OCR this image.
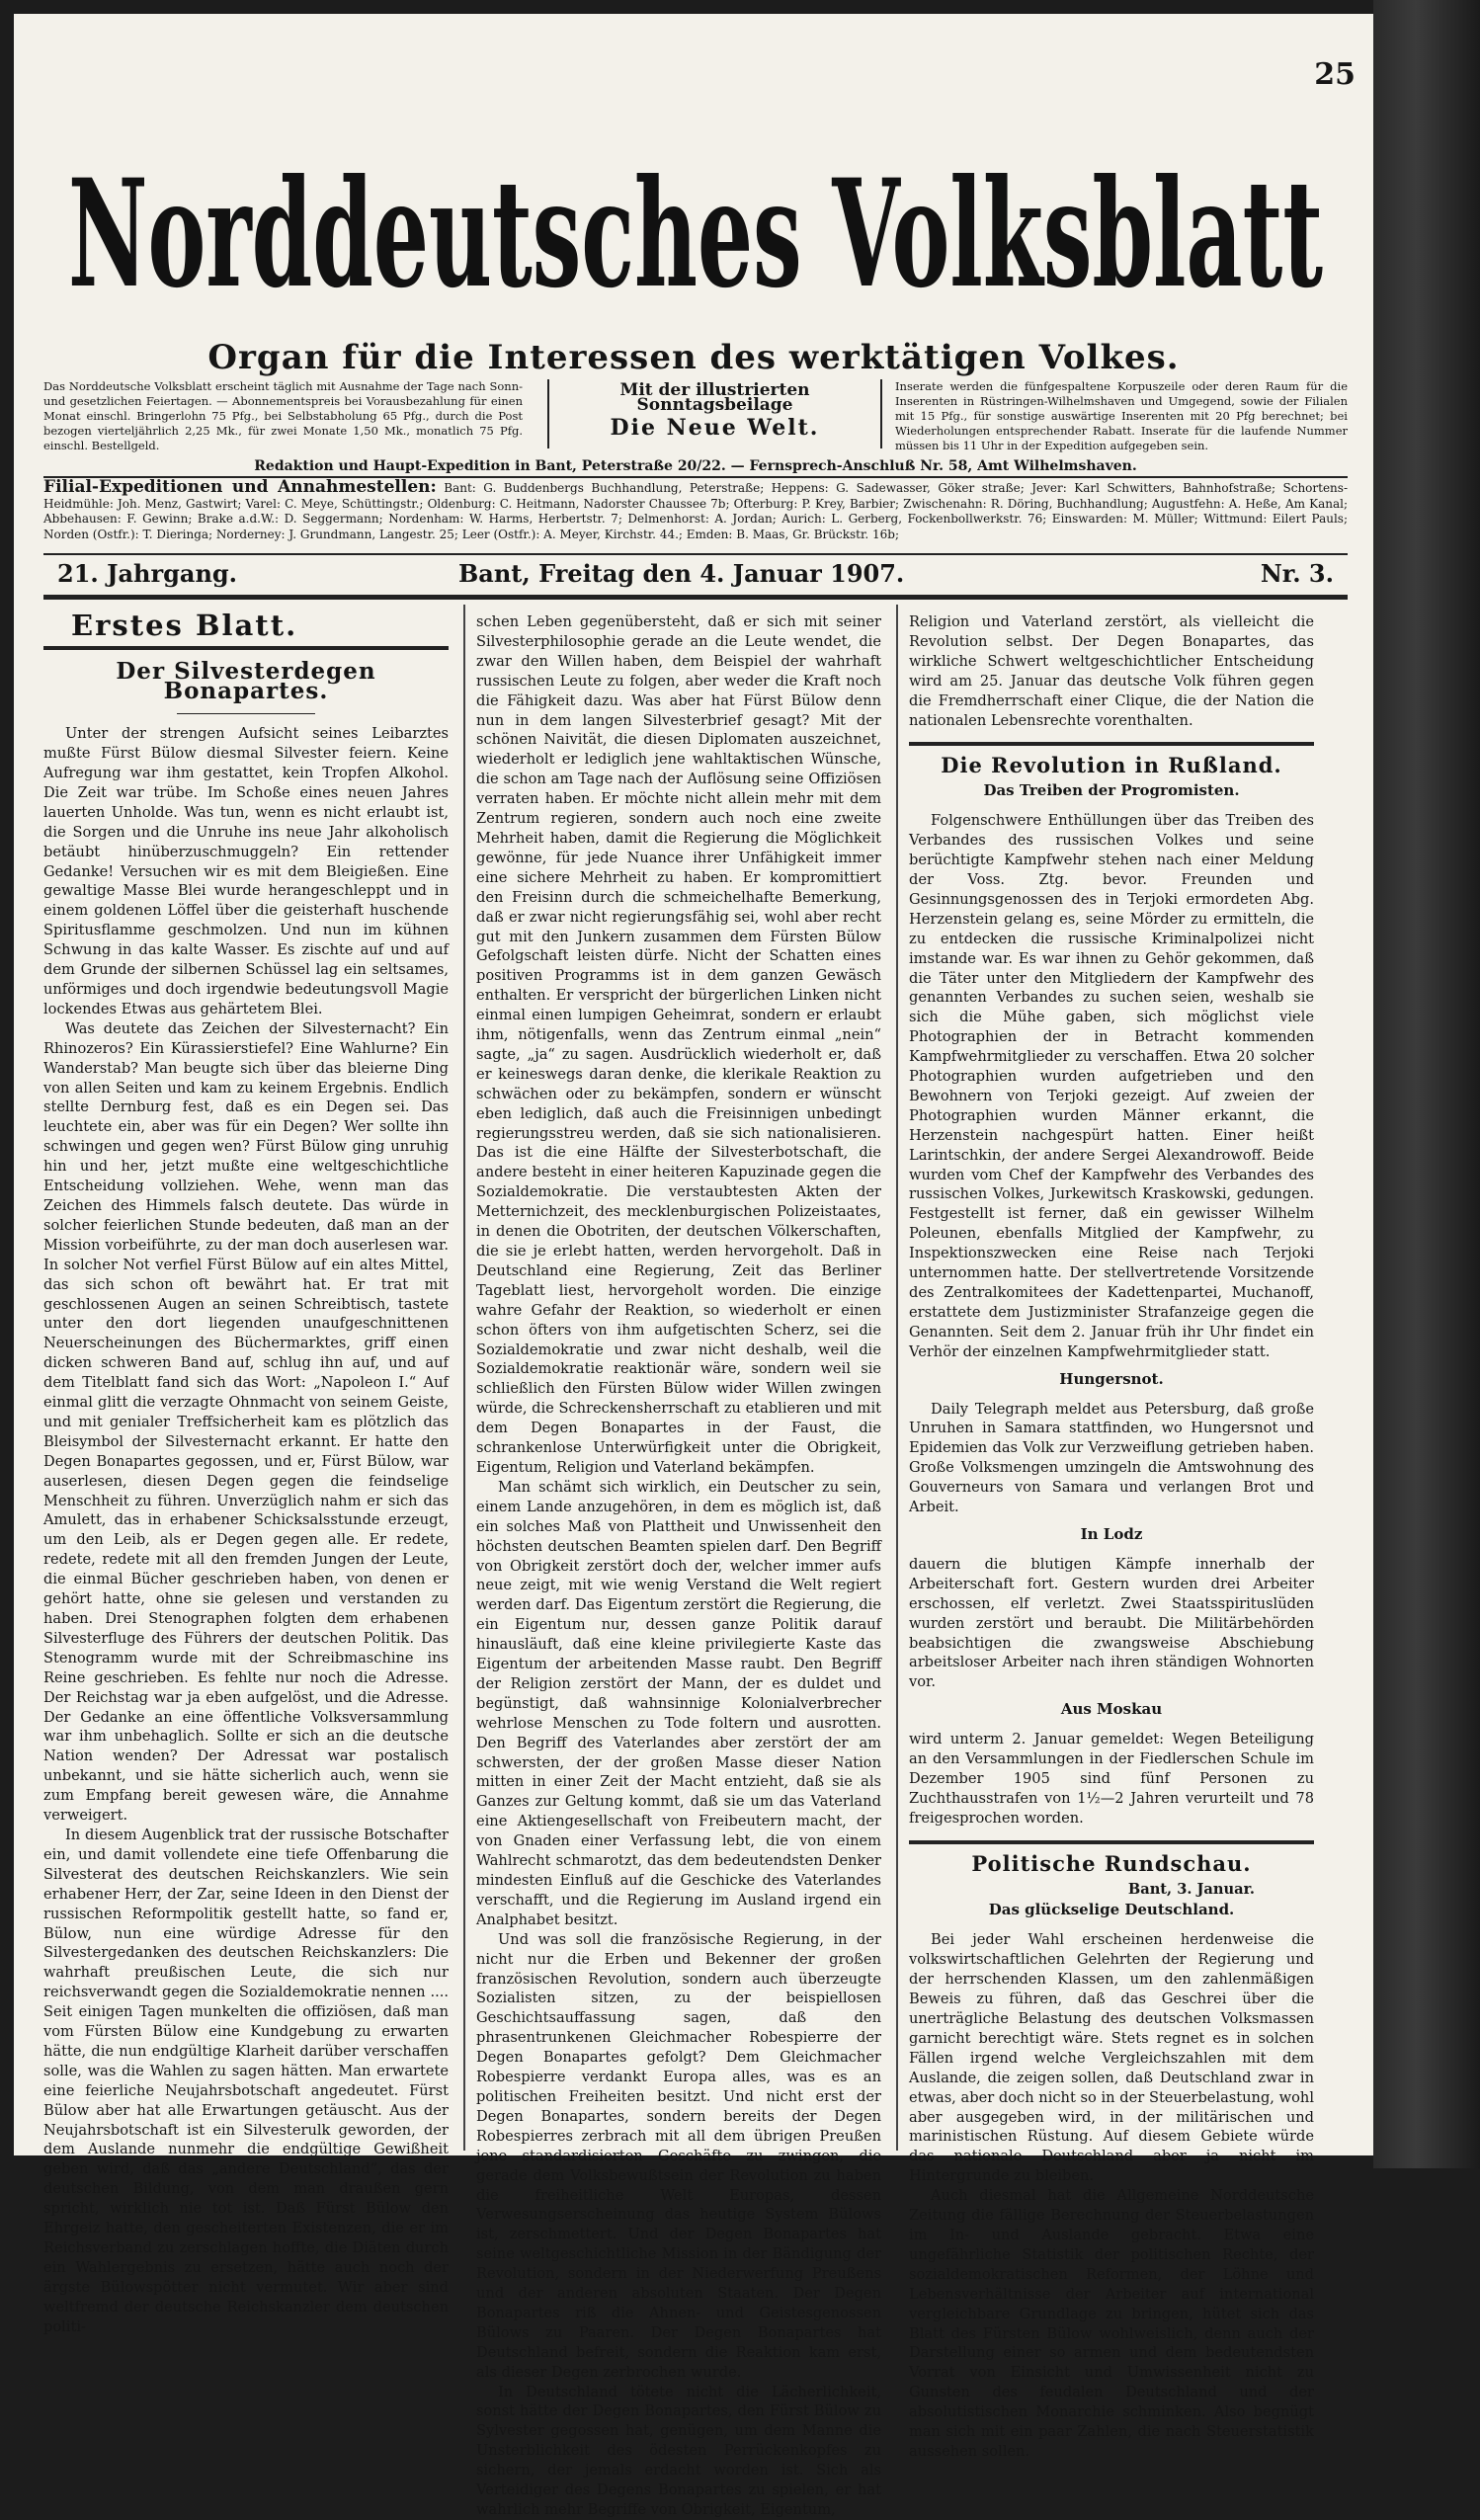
25
Norddeutsches Volksblatt
Organ für die Interessen des werktätigen Volkes.
Das Norddeutsche Volksblatt erscheint täglich mit Ausnahme der Tage nach Sonn- und gesetzlichen Feiertagen. — Abonnementspreis bei Vorausbezahlung für einen Monat einschl. Bringerlohn 75 Pfg., bei Selbstabholung 65 Pfg., durch die Post bezogen vierteljährlich 2,25 Mk., für zwei Monate 1,50 Mk., monatlich 75 Pfg. einschl. Bestellgeld.
Mit der illustrierten Sonntagsbeilage
Die Neue Welt.
Inserate werden die fünfgespaltene Korpuszeile oder deren Raum für die Inserenten in Rüstringen-Wilhelmshaven und Umgegend, sowie der Filialen mit 15 Pfg., für sonstige auswärtige Inserenten mit 20 Pfg berechnet; bei Wiederholungen entsprechender Rabatt. Inserate für die laufende Nummer müssen bis 11 Uhr in der Expedition aufgegeben sein.
Redaktion und Haupt-Expedition in Bant, Peterstraße 20/22. — Fernsprech-Anschluß Nr. 58, Amt Wilhelmshaven.
Filial-Expeditionen und Annahmestellen: Bant: G. Buddenbergs Buchhandlung, Peterstraße; Heppens: G. Sadewasser, Göker straße; Jever: Karl Schwitters, Bahnhofstraße; Schortens-Heidmühle: Joh. Menz, Gastwirt; Varel: C. Meye, Schüttingstr.; Oldenburg: C. Heitmann, Nadorster Chaussee 7b; Ofterburg: P. Krey, Barbier; Zwischenahn: R. Döring, Buchhandlung; Augustfehn: A. Heße, Am Kanal; Abbehausen: F. Gewinn; Brake a.d.W.: D. Seggermann; Nordenham: W. Harms, Herbertstr. 7; Delmenhorst: A. Jordan; Aurich: L. Gerberg, Fockenbollwerkstr. 76; Einswarden: M. Müller; Wittmund: Eilert Pauls; Norden (Ostfr.): T. Dieringa; Norderney: J. Grundmann, Langestr. 25; Leer (Ostfr.): A. Meyer, Kirchstr. 44.; Emden: B. Maas, Gr. Brückstr. 16b;
21. Jahrgang.	Bant, Freitag den 4. Januar 1907.	Nr. 3.
Erstes Blatt.
Der Silvesterdegen Bonapartes.

Unter der strengen Aufsicht seines Leibarztes mußte Fürst Bülow diesmal Silvester feiern. Keine Aufregung war ihm gestattet, kein Tropfen Alkohol. Die Zeit war trübe. Im Schoße eines neuen Jahres lauerten Unholde. Was tun, wenn es nicht erlaubt ist, die Sorgen und die Unruhe ins neue Jahr alkoholisch betäubt hinüberzuschmuggeln? Ein rettender Gedanke! Versuchen wir es mit dem Bleigießen. Eine gewaltige Masse Blei wurde herangeschleppt und in einem goldenen Löffel über die geisterhaft huschende Spiritusflamme geschmolzen. Und nun im kühnen Schwung in das kalte Wasser. Es zischte auf und auf dem Grunde der silbernen Schüssel lag ein seltsames, unförmiges und doch irgendwie bedeutungsvoll Magie lockendes Etwas aus gehärtetem Blei.

Was deutete das Zeichen der Silvesternacht? Ein Rhinozeros? Ein Kürassierstiefel? Eine Wahlurne? Ein Wanderstab? Man beugte sich über das bleierne Ding von allen Seiten und kam zu keinem Ergebnis. Endlich stellte Dernburg fest, daß es ein Degen sei. Das leuchtete ein, aber was für ein Degen? Wer sollte ihn schwingen und gegen wen? Fürst Bülow ging unruhig hin und her, jetzt mußte eine weltgeschichtliche Entscheidung vollziehen. Wehe, wenn man das Zeichen des Himmels falsch deutete. Das würde in solcher feierlichen Stunde bedeuten, daß man an der Mission vorbeiführte, zu der man doch auserlesen war. In solcher Not verfiel Fürst Bülow auf ein altes Mittel, das sich schon oft bewährt hat. Er trat mit geschlossenen Augen an seinen Schreibtisch, tastete unter den dort liegenden unaufgeschnittenen Neuerscheinungen des Büchermarktes, griff einen dicken schweren Band auf, schlug ihn auf, und auf dem Titelblatt fand sich das Wort: „Napoleon I.“ Auf einmal glitt die verzagte Ohnmacht von seinem Geiste, und mit genialer Treffsicherheit kam es plötzlich das Bleisymbol der Silvesternacht erkannt. Er hatte den Degen Bonapartes gegossen, und er, Fürst Bülow, war auserlesen, diesen Degen gegen die feindselige Menschheit zu führen. Unverzüglich nahm er sich das Amulett, das in erhabener Schicksalsstunde erzeugt, um den Leib, als er Degen gegen alle. Er redete, redete, redete mit all den fremden Jungen der Leute, die einmal Bücher geschrieben haben, von denen er gehört hatte, ohne sie gelesen und verstanden zu haben. Drei Stenographen folgten dem erhabenen Silvesterfluge des Führers der deutschen Politik. Das Stenogramm wurde mit der Schreibmaschine ins Reine geschrieben. Es fehlte nur noch die Adresse. Der Reichstag war ja eben aufgelöst, und die Adresse. Der Gedanke an eine öffentliche Volksversammlung war ihm unbehaglich. Sollte er sich an die deutsche Nation wenden? Der Adressat war postalisch unbekannt, und sie hätte sicherlich auch, wenn sie zum Empfang bereit gewesen wäre, die Annahme verweigert.

In diesem Augenblick trat der russische Botschafter ein, und damit vollendete eine tiefe Offenbarung die Silvesterat des deutschen Reichskanzlers. Wie sein erhabener Herr, der Zar, seine Ideen in den Dienst der russischen Reformpolitik gestellt hatte, so fand er, Bülow, nun eine würdige Adresse für den Silvestergedanken des deutschen Reichskanzlers: Die wahrhaft preußischen Leute, die sich nur reichsverwandt gegen die Sozialdemokratie nennen .... Seit einigen Tagen munkelten die offiziösen, daß man vom Fürsten Bülow eine Kundgebung zu erwarten hätte, die nun endgültige Klarheit darüber verschaffen solle, was die Wahlen zu sagen hätten. Man erwartete eine feierliche Neujahrsbotschaft angedeutet. Fürst Bülow aber hat alle Erwartungen getäuscht. Aus der Neujahrsbotschaft ist ein Silvesterulk geworden, der dem Auslande nunmehr die endgültige Gewißheit geben wird, daß das „andere Deutschland“, das der deutschen Bildung, von dem man draußen gern spricht, wirklich nie tot ist. Daß Fürst Bülow den Ehrgeiz hatte, den gescheiterten Existenzen, die er im Reichsverband zu zerschlagen hoffte, die Diäten durch ein Wahlergebnis zu ersetzen, hätte auch noch der ärgste Bülowspötter nicht vermutet. Wir aber sind weltfremd der deutsche Reichskanzler dem deutschen politi-

schen Leben gegenübersteht, daß er sich mit seiner Silvesterphilosophie gerade an die Leute wendet, die zwar den Willen haben, dem Beispiel der wahrhaft russischen Leute zu folgen, aber weder die Kraft noch die Fähigkeit dazu. Was aber hat Fürst Bülow denn nun in dem langen Silvesterbrief gesagt? Mit der schönen Naivität, die diesen Diplomaten auszeichnet, wiederholt er lediglich jene wahltaktischen Wünsche, die schon am Tage nach der Auflösung seine Offiziösen verraten haben. Er möchte nicht allein mehr mit dem Zentrum regieren, sondern auch noch eine zweite Mehrheit haben, damit die Regierung die Möglichkeit gewönne, für jede Nuance ihrer Unfähigkeit immer eine sichere Mehrheit zu haben. Er kompromittiert den Freisinn durch die schmeichelhafte Bemerkung, daß er zwar nicht regierungsfähig sei, wohl aber recht gut mit den Junkern zusammen dem Fürsten Bülow Gefolgschaft leisten dürfe. Nicht der Schatten eines positiven Programms ist in dem ganzen Gewäsch enthalten. Er verspricht der bürgerlichen Linken nicht einmal einen lumpigen Geheimrat, sondern er erlaubt ihm, nötigenfalls, wenn das Zentrum einmal „nein“ sagte, „ja“ zu sagen. Ausdrücklich wiederholt er, daß er keineswegs daran denke, die klerikale Reaktion zu schwächen oder zu bekämpfen, sondern er wünscht eben lediglich, daß auch die Freisinnigen unbedingt regierungsstreu werden, daß sie sich nationalisieren. Das ist die eine Hälfte der Silvesterbotschaft, die andere besteht in einer heiteren Kapuzinade gegen die Sozialdemokratie. Die verstaubtesten Akten der Metternichzeit, des mecklenburgischen Polizeistaates, in denen die Obotriten, der deutschen Völkerschaften, die sie je erlebt hatten, werden hervorgeholt. Daß in Deutschland eine Regierung, Zeit das Berliner Tageblatt liest, hervorgeholt worden. Die einzige wahre Gefahr der Reaktion, so wiederholt er einen schon öfters von ihm aufgetischten Scherz, sei die Sozialdemokratie und zwar nicht deshalb, weil die Sozialdemokratie reaktionär wäre, sondern weil sie schließlich den Fürsten Bülow wider Willen zwingen würde, die Schreckensherrschaft zu etablieren und mit dem Degen Bonapartes in der Faust, die schrankenlose Unterwürfigkeit unter die Obrigkeit, Eigentum, Religion und Vaterland bekämpfen.

Man schämt sich wirklich, ein Deutscher zu sein, einem Lande anzugehören, in dem es möglich ist, daß ein solches Maß von Plattheit und Unwissenheit den höchsten deutschen Beamten spielen darf. Den Begriff von Obrigkeit zerstört doch der, welcher immer aufs neue zeigt, mit wie wenig Verstand die Welt regiert werden darf. Das Eigentum zerstört die Regierung, die ein Eigentum nur, dessen ganze Politik darauf hinausläuft, daß eine kleine privilegierte Kaste das Eigentum der arbeitenden Masse raubt. Den Begriff der Religion zerstört der Mann, der es duldet und begünstigt, daß wahnsinnige Kolonialverbrecher wehrlose Menschen zu Tode foltern und ausrotten. Den Begriff des Vaterlandes aber zerstört der am schwersten, der der großen Masse dieser Nation mitten in einer Zeit der Macht entzieht, daß sie als Ganzes zur Geltung kommt, daß sie um das Vaterland eine Aktiengesellschaft von Freibeutern macht, der von Gnaden einer Verfassung lebt, die von einem Wahlrecht schmarotzt, das dem bedeutendsten Denker mindesten Einfluß auf die Geschicke des Vaterlandes verschafft, und die Regierung im Ausland irgend ein Analphabet besitzt.

Und was soll die französische Regierung, in der nicht nur die Erben und Bekenner der großen französischen Revolution, sondern auch überzeugte Sozialisten sitzen, zu der beispiellosen Geschichtsauffassung sagen, daß den phrasentrunkenen Gleichmacher Robespierre der Degen Bonapartes gefolgt? Dem Gleichmacher Robespierre verdankt Europa alles, was es an politischen Freiheiten besitzt. Und nicht erst der Degen Bonapartes, sondern bereits der Degen Robespierres zerbrach mit all dem übrigen Preußen jene standardisierten Geschäfte zu zwingen, die gerade dem Volksbewußtsein der Revolution zu haben die freiheitliche Welt Europas, dessen Verwesungserscheinung das heutige System Bülows ist, zerschmettert. Und der Degen Bonapartes hat seine weltgeschichtliche Mission in der Bändigung der Revolution, sondern in der Niederwerfung Preußens und der anderen absoluten Staaten. Der Degen Bonapartes riß die Ahnen- und Geistesgenossen Bülows zu Paaren. Der Degen Bonapartes hat Deutschland befreit, sondern die Reaktion kam erst, als dieser Degen zerbrochen wurde.

In Deutschland tötete nicht die Lächerlichkeit, sonst hätte der Degen Bonapartes, den Fürst Bülow zu Sylvester gegossen hat, genügen, um dem Manne die Unsterblichkeit des ödesten Perrückenkopfes zu sichern, der jemals erdacht worden ist. Sich als Verteidiger des Degens Bonapartes zu spielen, er hat wahrlich mehr Begriffe von Obrigkeit, Eigentum,

Religion und Vaterland zerstört, als vielleicht die Revolution selbst. Der Degen Bonapartes, das wirkliche Schwert weltgeschichtlicher Entscheidung wird am 25. Januar das deutsche Volk führen gegen die Fremdherrschaft einer Clique, die der Nation die nationalen Lebensrechte vorenthalten.

Die Revolution in Rußland.
Das Treiben der Progromisten.

Folgenschwere Enthüllungen über das Treiben des Verbandes des russischen Volkes und seine berüchtigte Kampfwehr stehen nach einer Meldung der Voss. Ztg. bevor. Freunden und Gesinnungsgenossen des in Terjoki ermordeten Abg. Herzenstein gelang es, seine Mörder zu ermitteln, die zu entdecken die russische Kriminalpolizei nicht imstande war. Es war ihnen zu Gehör gekommen, daß die Täter unter den Mitgliedern der Kampfwehr des genannten Verbandes zu suchen seien, weshalb sie sich die Mühe gaben, sich möglichst viele Photographien der in Betracht kommenden Kampfwehrmitglieder zu verschaffen. Etwa 20 solcher Photographien wurden aufgetrieben und den Bewohnern von Terjoki gezeigt. Auf zweien der Photographien wurden Männer erkannt, die Herzenstein nachgespürt hatten. Einer heißt Larintschkin, der andere Sergei Alexandrowoff. Beide wurden vom Chef der Kampfwehr des Verbandes des russischen Volkes, Jurkewitsch Kraskowski, gedungen. Festgestellt ist ferner, daß ein gewisser Wilhelm Poleunen, ebenfalls Mitglied der Kampfwehr, zu Inspektionszwecken eine Reise nach Terjoki unternommen hatte. Der stellvertretende Vorsitzende des Zentralkomitees der Kadettenpartei, Muchanoff, erstattete dem Justizminister Strafanzeige gegen die Genannten. Seit dem 2. Januar früh ihr Uhr findet ein Verhör der einzelnen Kampfwehrmitglieder statt.

Hungersnot.

Daily Telegraph meldet aus Petersburg, daß große Unruhen in Samara stattfinden, wo Hungersnot und Epidemien das Volk zur Verzweiflung getrieben haben. Große Volksmengen umzingeln die Amtswohnung des Gouverneurs von Samara und verlangen Brot und Arbeit.

In Lodz

dauern die blutigen Kämpfe innerhalb der Arbeiterschaft fort. Gestern wurden drei Arbeiter erschossen, elf verletzt. Zwei Staatsspirituslüden wurden zerstört und beraubt. Die Militärbehörden beabsichtigen die zwangsweise Abschiebung arbeitsloser Arbeiter nach ihren ständigen Wohnorten vor.

Aus Moskau

wird unterm 2. Januar gemeldet: Wegen Beteiligung an den Versammlungen in der Fiedlerschen Schule im Dezember 1905 sind fünf Personen zu Zuchthausstrafen von 1½—2 Jahren verurteilt und 78 freigesprochen worden.

Politische Rundschau.
Bant, 3. Januar.
Das glückselige Deutschland.

Bei jeder Wahl erscheinen herdenweise die volkswirtschaftlichen Gelehrten der Regierung und der herrschenden Klassen, um den zahlenmäßigen Beweis zu führen, daß das Geschrei über die unerträgliche Belastung des deutschen Volksmassen garnicht berechtigt wäre. Stets regnet es in solchen Fällen irgend welche Vergleichszahlen mit dem Auslande, die zeigen sollen, daß Deutschland zwar in etwas, aber doch nicht so in der Steuerbelastung, wohl aber ausgegeben wird, in der militärischen und marinistischen Rüstung. Auf diesem Gebiete würde das nationale Deutschland aber ja nicht im Hintergrunde zu bleiben.

Auch diesmal hat die Allgemeine Norddeutsche Zeitung die fällige Berechnung der Steuerbelastungen im In- und Auslande gebracht. Etwa eine ungefährliche Statistik der politischen Rechte, der sozialdemokratischen Reformen, der Löhne und Lebensverhältnisse der Arbeiter auf international vergleichbare Grundlage zu bringen, hütet sich das Blatt des Fürsten Bülow wohlweislich, denn auch der Darstellung einer so armen und dem bedeutendsten Vorrat von Einsicht und Umwissenheit nicht zu Gunsten des feudalen Deutschland und der absolutistischen Monarchie schminken. Also begnügt man sich mit ein paar Zahlen, die nach Steuerstatistik aussehen sollen.
